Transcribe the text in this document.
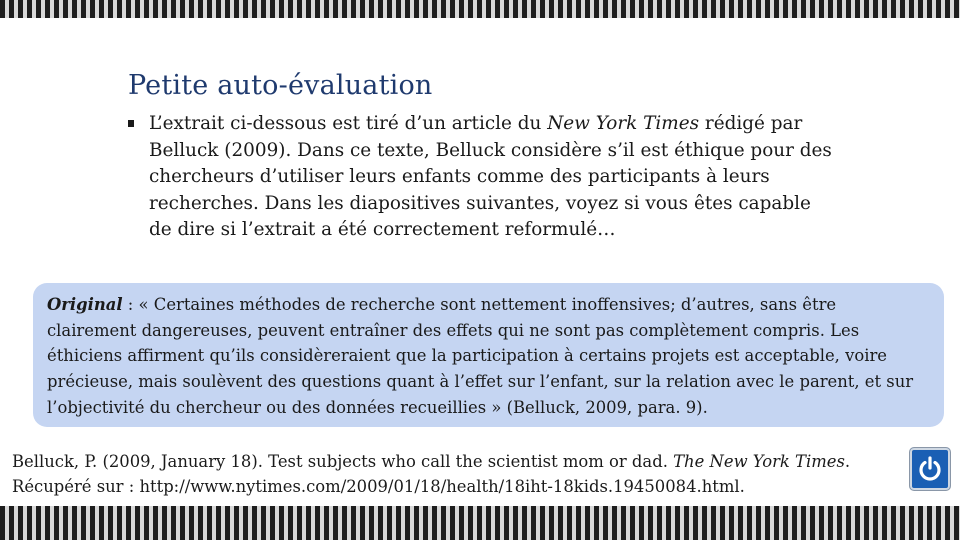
Petite auto-évaluation
L’extrait ci-dessous est tiré d’un article du New York Times rédigé par Belluck (2009). Dans ce texte, Belluck considère s’il est éthique pour des chercheurs d’utiliser leurs enfants comme des participants à leurs recherches. Dans les diapositives suivantes, voyez si vous êtes capable de dire si l’extrait a été correctement reformulé…
Original : « Certaines méthodes de recherche sont nettement inoffensives; d’autres, sans être clairement dangereuses, peuvent entraîner des effets qui ne sont pas complètement compris. Les éthiciens affirment qu’ils considèreraient que la participation à certains projets est acceptable, voire précieuse, mais soulèvent des questions quant à l’effet sur l’enfant, sur la relation avec le parent, et sur l’objectivité du chercheur ou des données recueillies » (Belluck, 2009, para. 9).
Belluck, P. (2009, January 18). Test subjects who call the scientist mom or dad. The New York Times.
Récupéré sur : http://www.nytimes.com/2009/01/18/health/18iht-18kids.19450084.html.
